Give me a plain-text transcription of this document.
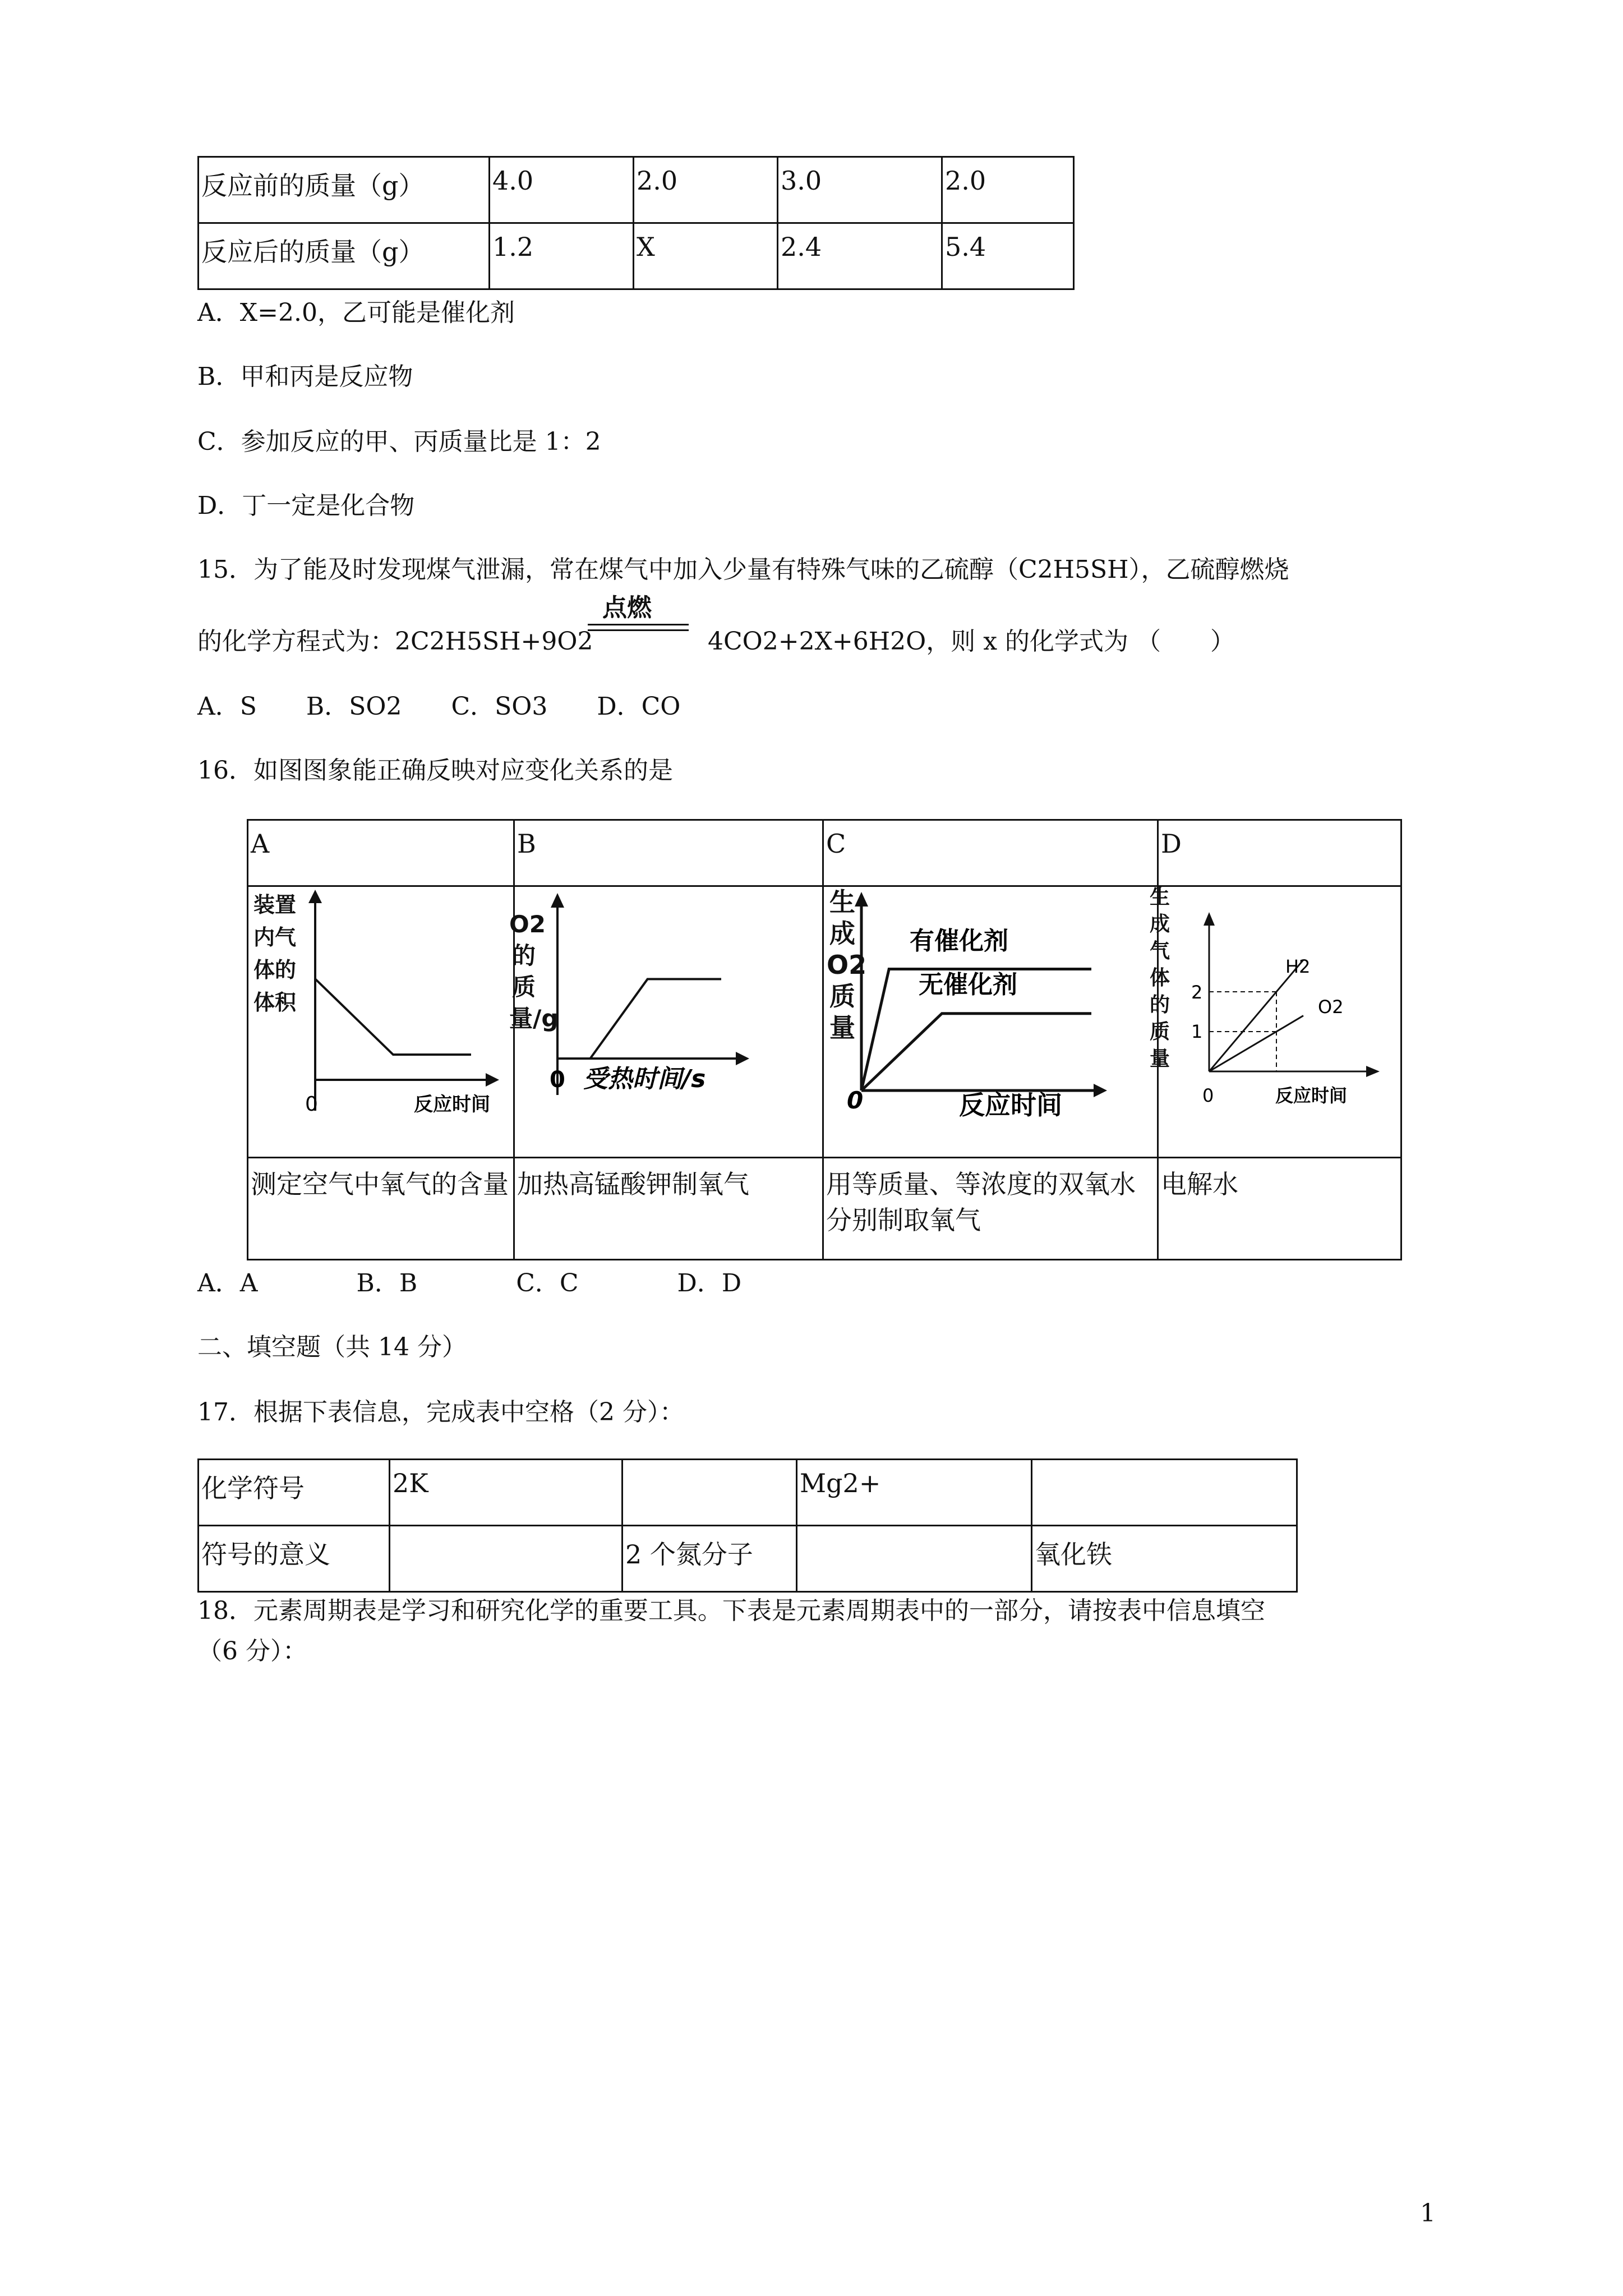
反应前的质量（g）	4.0	2.0	3.0	2.0
反应后的质量（g）	1.2	X	2.4	5.4
A．X=2.0，乙可能是催化剂
B．甲和丙是反应物
C．参加反应的甲、丙质量比是 1：2
D．丁一定是化合物
15．为了能及时发现煤气泄漏，常在煤气中加入少量有特殊气味的乙硫醇（C2H5SH），乙硫醇燃烧
的化学方程式为：2C2H5SH+9O2
点燃
4CO2+2X+6H2O，则 x 的化学式为 （　　）
A．S　　B．SO2　　C．SO3　　D．CO
16．如图图象能正确反映对应变化关系的是
A	B	C	D

测定空气中氧气的含量	加热高锰酸钾制氧气	用等质量、等浓度的双氧水分别制取氧气	电解水
装置内气体的体积
0	反应时间
O2的质量/g
0 受热时间/s
生成O2质量
有催化剂
无催化剂
0	反应时间
生成气体的质量
2
1
H2
O2
0	反应时间
A．A　　　　B．B　　　　C．C　　　　D．D
二、填空题（共 14 分）
17．根据下表信息，完成表中空格（2 分）：
化学符号	2K		Mg2+	
符号的意义		2 个氮分子		氧化铁
18．元素周期表是学习和研究化学的重要工具。下表是元素周期表中的一部分，请按表中信息填空
（6 分）：
1
